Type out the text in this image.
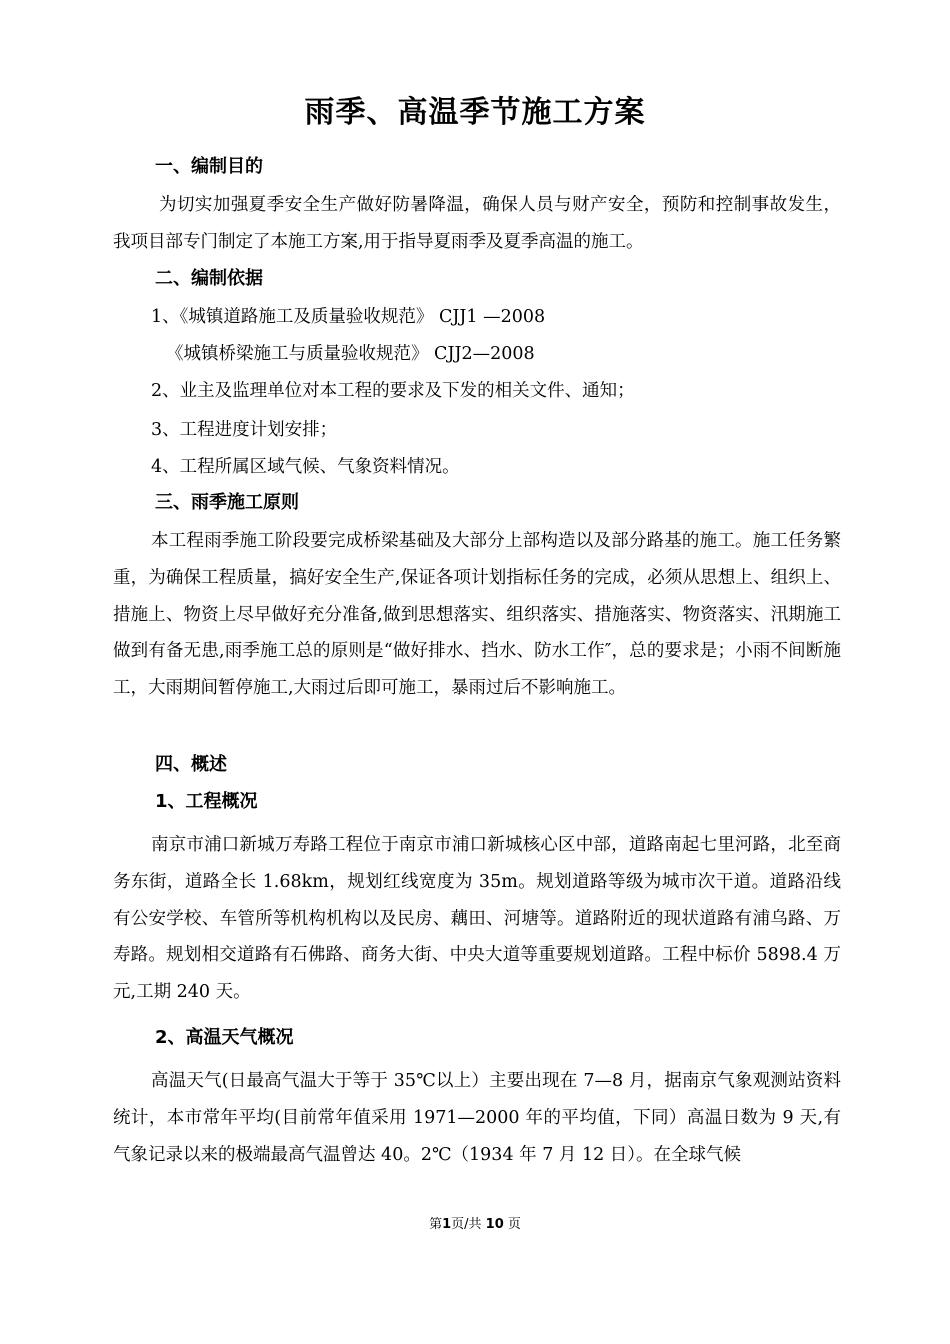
雨季、高温季节施工方案
一、编制目的
为切实加强夏季安全生产做好防暑降温，确保人员与财产安全，预防和控制事故发生，我项目部专门制定了本施工方案,用于指导夏雨季及夏季高温的施工。
二、编制依据
1、《城镇道路施工及质量验收规范》 CJJ1 —2008
《城镇桥梁施工与质量验收规范》 CJJ2—2008
2、业主及监理单位对本工程的要求及下发的相关文件、通知；
3、工程进度计划安排；
4、工程所属区域气候、气象资料情况。
三、雨季施工原则
本工程雨季施工阶段要完成桥梁基础及大部分上部构造以及部分路基的施工。施工任务繁重，为确保工程质量，搞好安全生产,保证各项计划指标任务的完成，必须从思想上、组织上、措施上、物资上尽早做好充分准备,做到思想落实、组织落实、措施落实、物资落实、汛期施工做到有备无患,雨季施工总的原则是“做好排水、挡水、防水工作″，总的要求是；小雨不间断施工，大雨期间暂停施工,大雨过后即可施工，暴雨过后不影响施工。
四、概述
1、工程概况
南京市浦口新城万寿路工程位于南京市浦口新城核心区中部，道路南起七里河路，北至商务东街，道路全长 1.68km，规划红线宽度为 35m。规划道路等级为城市次干道。道路沿线有公安学校、车管所等机构机构以及民房、藕田、河塘等。道路附近的现状道路有浦乌路、万寿路。规划相交道路有石佛路、商务大街、中央大道等重要规划道路。工程中标价 5898.4 万元,工期 240 天。
2、高温天气概况
高温天气(日最高气温大于等于 35℃以上）主要出现在 7—8 月，据南京气象观测站资料统计，本市常年平均(目前常年值采用 1971—2000 年的平均值，下同）高温日数为 9 天,有气象记录以来的极端最高气温曾达 40。2℃（1934 年 7 月 12 日）。在全球气候
第1页/共 10 页
